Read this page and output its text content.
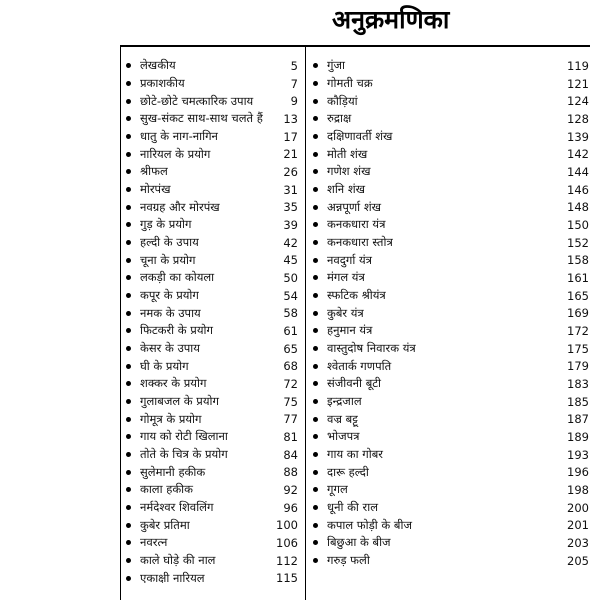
अनुक्रमणिका
लेखकीय	5
प्रकाशकीय	7
छोटे-छोटे चमत्कारिक उपाय	9
सुख-संकट साथ-साथ चलते हैं	13
धातु के नाग-नागिन	17
नारियल के प्रयोग	21
श्रीफल	26
मोरपंख	31
नवग्रह और मोरपंख	35
गुड़ के प्रयोग	39
हल्दी के उपाय	42
चूना के प्रयोग	45
लकड़ी का कोयला	50
कपूर के प्रयोग	54
नमक के उपाय	58
फिटकरी के प्रयोग	61
केसर के उपाय	65
घी के प्रयोग	68
शक्कर के प्रयोग	72
गुलाबजल के प्रयोग	75
गोमूत्र के प्रयोग	77
गाय को रोटी खिलाना	81
तोते के चित्र के प्रयोग	84
सुलेमानी हकीक	88
काला हकीक	92
नर्मदेश्वर शिवलिंग	96
कुबेर प्रतिमा	100
नवरत्न	106
काले घोड़े की नाल	112
एकाक्षी नारियल	115
गुंजा	119
गोमती चक्र	121
कौड़ियां	124
रुद्राक्ष	128
दक्षिणावर्ती शंख	139
मोती शंख	142
गणेश शंख	144
शनि शंख	146
अन्नपूर्णा शंख	148
कनकधारा यंत्र	150
कनकधारा स्तोत्र	152
नवदुर्गा यंत्र	158
मंगल यंत्र	161
स्फटिक श्रीयंत्र	165
कुबेर यंत्र	169
हनुमान यंत्र	172
वास्तुदोष निवारक यंत्र	175
श्वेतार्क गणपति	179
संजीवनी बूटी	183
इन्द्रजाल	185
वज्र बट्टू	187
भोजपत्र	189
गाय का गोबर	193
दारू हल्दी	196
गूगल	198
धूनी की राल	200
कपाल फोड़ी के बीज	201
बिछुआ के बीज	203
गरुड़ फली	205
